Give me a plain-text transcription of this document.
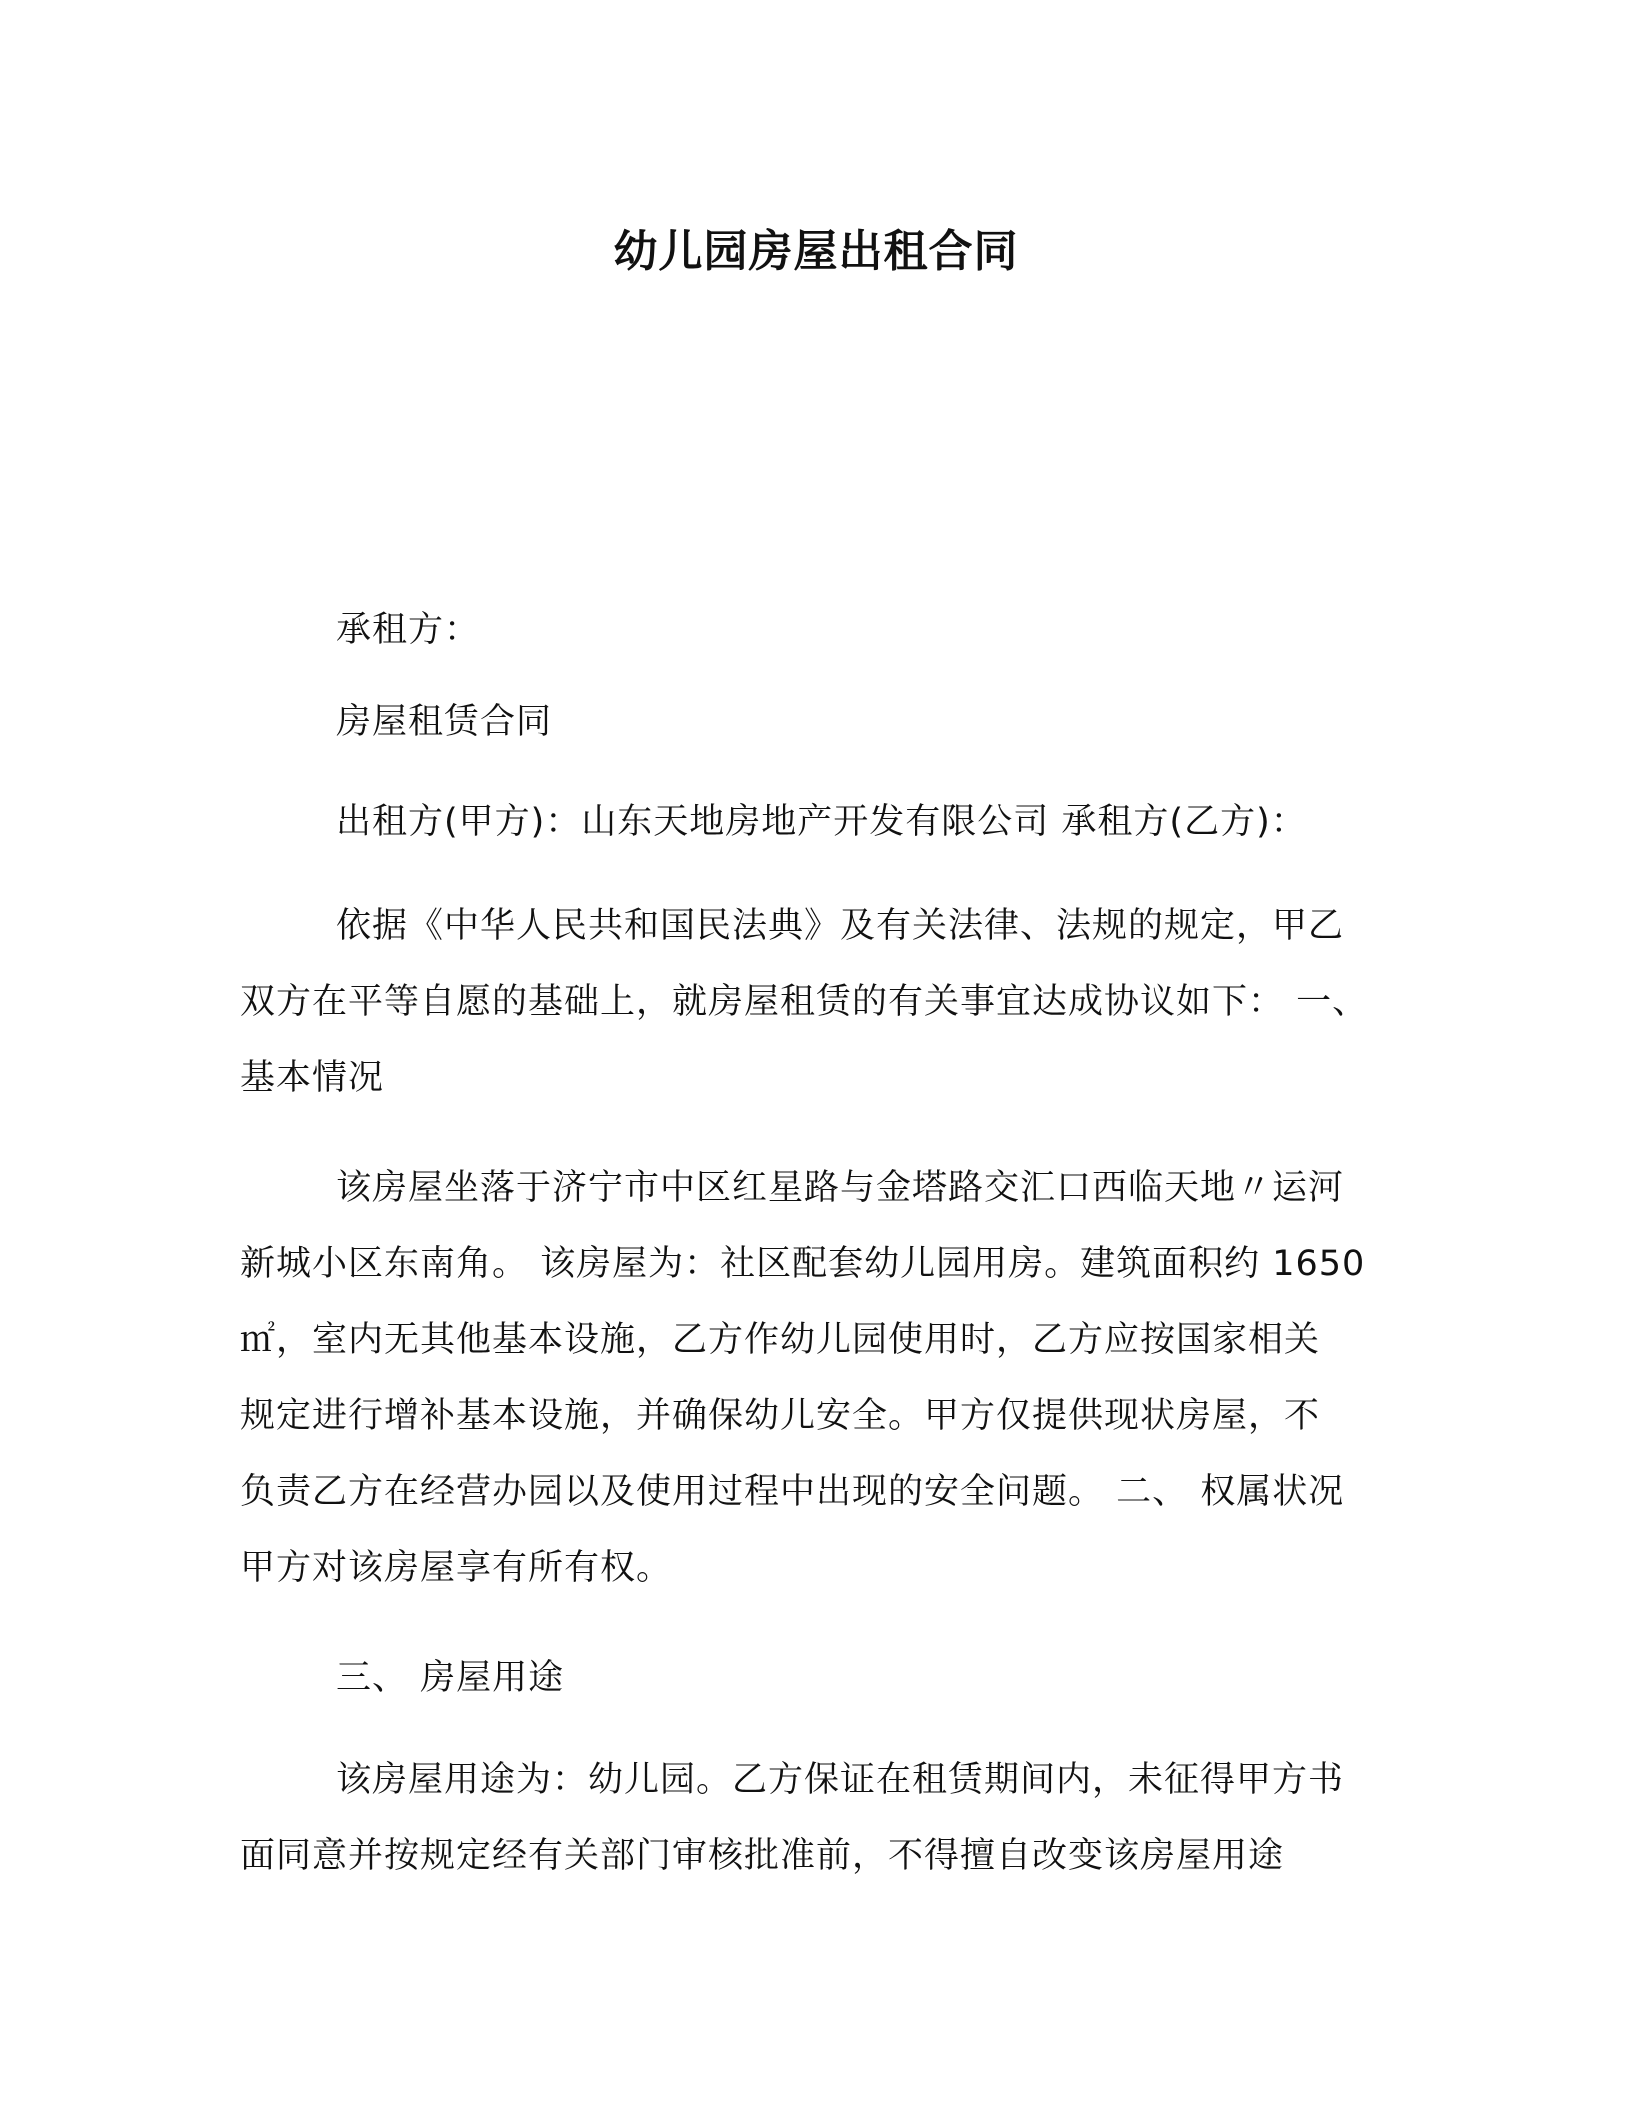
幼儿园房屋出租合同

承租方：

房屋租赁合同

出租方(甲方)：山东天地房地产开发有限公司 承租方(乙方)：

依据《中华人民共和国民法典》及有关法律、法规的规定，甲乙
双方在平等自愿的基础上，就房屋租赁的有关事宜达成协议如下： 一、
基本情况

该房屋坐落于济宁市中区红星路与金塔路交汇口西临天地〃运河
新城小区东南角。 该房屋为：社区配套幼儿园用房。建筑面积约 1650
㎡，室内无其他基本设施，乙方作幼儿园使用时，乙方应按国家相关
规定进行增补基本设施，并确保幼儿安全。甲方仅提供现状房屋，不
负责乙方在经营办园以及使用过程中出现的安全问题。 二、 权属状况
甲方对该房屋享有所有权。

三、 房屋用途

该房屋用途为：幼儿园。乙方保证在租赁期间内，未征得甲方书
面同意并按规定经有关部门审核批准前，不得擅自改变该房屋用途
